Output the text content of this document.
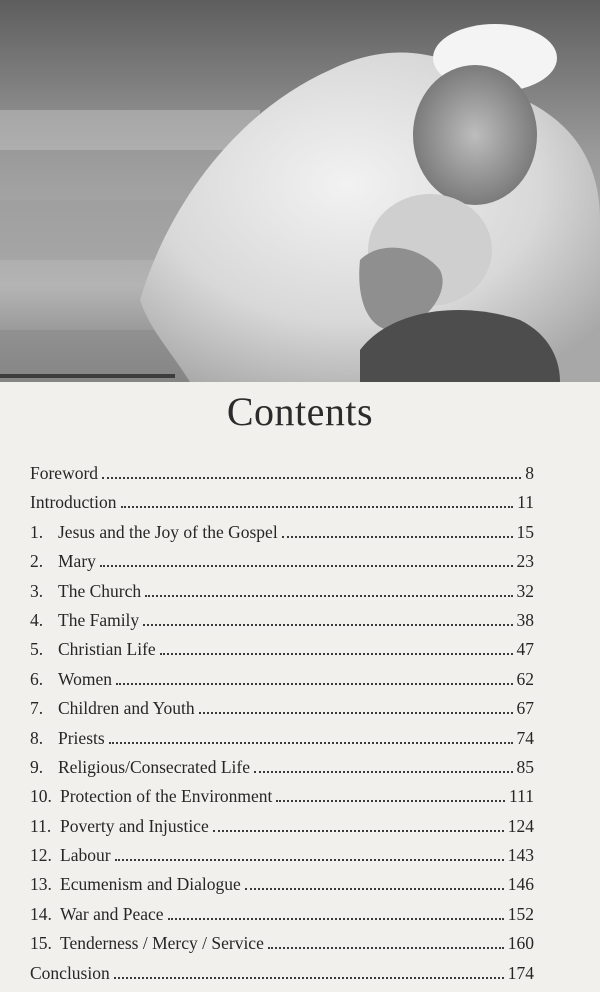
Contents
Foreword	8
Introduction	11
1. Jesus and the Joy of the Gospel	15
2. Mary	23
3. The Church	32
4. The Family	38
5. Christian Life	47
6. Women	62
7. Children and Youth	67
8. Priests	74
9. Religious/Consecrated Life	85
10. Protection of the Environment	111
11. Poverty and Injustice	124
12. Labour	143
13. Ecumenism and Dialogue	146
14. War and Peace	152
15. Tenderness / Mercy / Service	160
Conclusion	174
